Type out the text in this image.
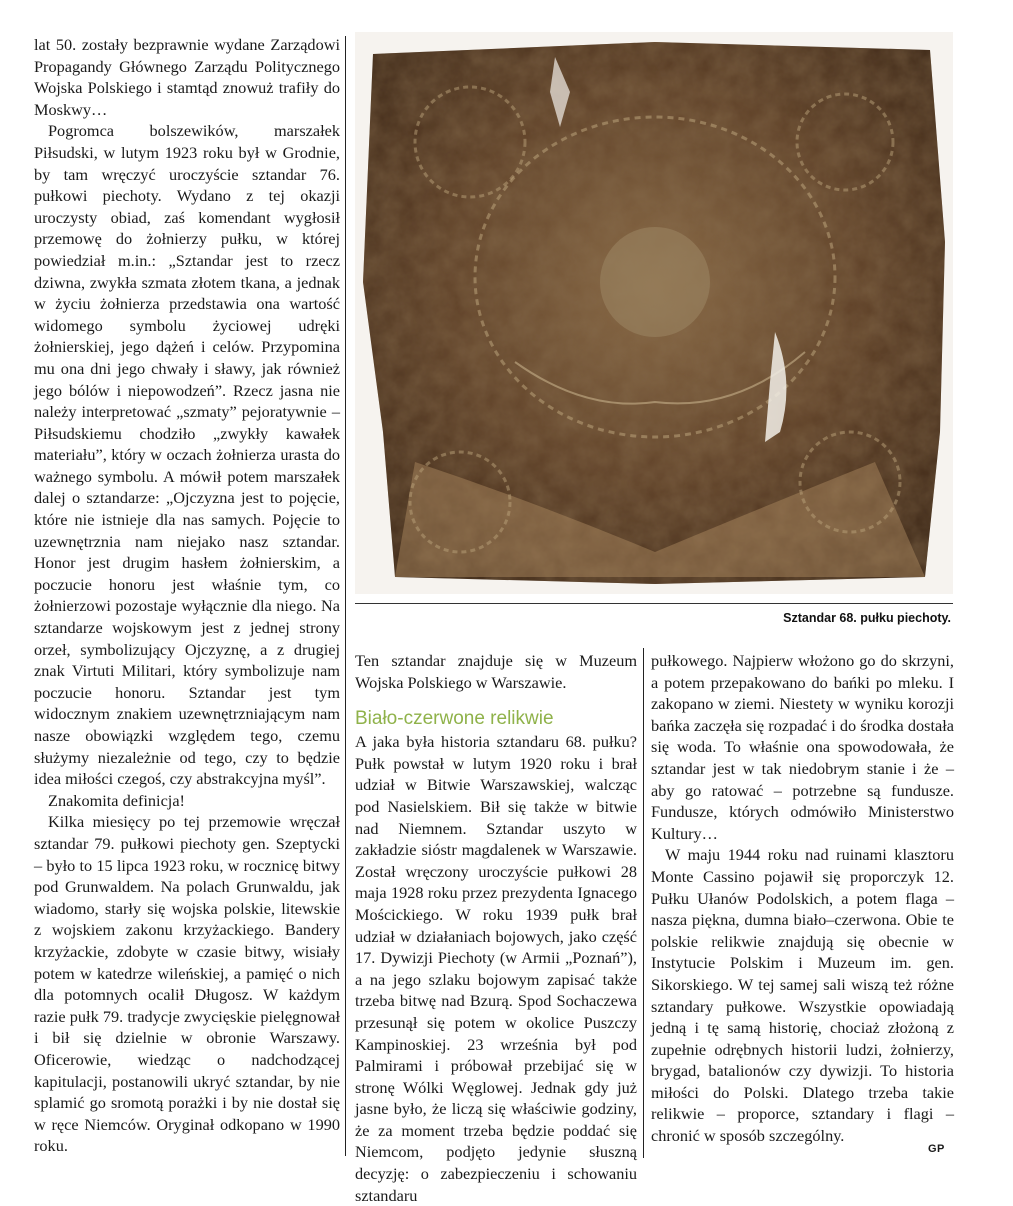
lat 50. zostały bezprawnie wydane Zarządowi Propagandy Głównego Zarządu Politycznego Wojska Polskiego i stamtąd znowuż trafiły do Moskwy…

Pogromca bolszewików, marszałek Piłsudski, w lutym 1923 roku był w Grodnie, by tam wręczyć uroczyście sztandar 76. pułkowi piechoty. Wydano z tej okazji uroczysty obiad, zaś komendant wygłosił przemowę do żołnierzy pułku, w której powiedział m.in.: „Sztandar jest to rzecz dziwna, zwykła szmata złotem tkana, a jednak w życiu żołnierza przedstawia ona wartość widomego symbolu życiowej udręki żołnierskiej, jego dążeń i celów. Przypomina mu ona dni jego chwały i sławy, jak również jego bólów i niepowodzeń”. Rzecz jasna nie należy interpretować „szmaty” pejoratywnie – Piłsudskiemu chodziło „zwykły kawałek materiału”, który w oczach żołnierza urasta do ważnego symbolu. A mówił potem marszałek dalej o sztandarze: „Ojczyzna jest to pojęcie, które nie istnieje dla nas samych. Pojęcie to uzewnętrznia nam niejako nasz sztandar. Honor jest drugim hasłem żołnierskim, a poczucie honoru jest właśnie tym, co żołnierzowi pozostaje wyłącznie dla niego. Na sztandarze wojskowym jest z jednej strony orzeł, symbolizujący Ojczyznę, a z drugiej znak Virtuti Militari, który symbolizuje nam poczucie honoru. Sztandar jest tym widocznym znakiem uzewnętrzniającym nam nasze obowiązki względem tego, czemu służymy niezależnie od tego, czy to będzie idea miłości czegoś, czy abstrakcyjna myśl”.

Znakomita definicja!

Kilka miesięcy po tej przemowie wręczał sztandar 79. pułkowi piechoty gen. Szeptycki – było to 15 lipca 1923 roku, w rocznicę bitwy pod Grunwaldem. Na polach Grunwaldu, jak wiadomo, starły się wojska polskie, litewskie z wojskiem zakonu krzyżackiego. Bandery krzyżackie, zdobyte w czasie bitwy, wisiały potem w katedrze wileńskiej, a pamięć o nich dla potomnych ocalił Długosz. W każdym razie pułk 79. tradycje zwycięskie pielęgnował i bił się dzielnie w obronie Warszawy. Oficerowie, wiedząc o nadchodzącej kapitulacji, postanowili ukryć sztandar, by nie splamić go sromotą porażki i by nie dostał się w ręce Niemców. Oryginał odkopano w 1990 roku.

Sztandar 68. pułku piechoty.

Ten sztandar znajduje się w Muzeum Wojska Polskiego w Warszawie.

Biało-czerwone relikwie

A jaka była historia sztandaru 68. pułku? Pułk powstał w lutym 1920 roku i brał udział w Bitwie Warszawskiej, walcząc pod Nasielskiem. Bił się także w bitwie nad Niemnem. Sztandar uszyto w zakładzie sióstr magdalenek w Warszawie. Został wręczony uroczyście pułkowi 28 maja 1928 roku przez prezydenta Ignacego Mościckiego. W roku 1939 pułk brał udział w działaniach bojowych, jako część 17. Dywizji Piechoty (w Armii „Poznań”), a na jego szlaku bojowym zapisać także trzeba bitwę nad Bzurą. Spod Sochaczewa przesunął się potem w okolice Puszczy Kampinoskiej. 23 września był pod Palmirami i próbował przebijać się w stronę Wólki Węglowej. Jednak gdy już jasne było, że liczą się właściwie godziny, że za moment trzeba będzie poddać się Niemcom, podjęto jedynie słuszną decyzję: o zabezpieczeniu i schowaniu sztandaru

pułkowego. Najpierw włożono go do skrzyni, a potem przepakowano do bańki po mleku. I zakopano w ziemi. Niestety w wyniku korozji bańka zaczęła się rozpadać i do środka dostała się woda. To właśnie ona spowodowała, że sztandar jest w tak niedobrym stanie i że – aby go ratować – potrzebne są fundusze. Fundusze, których odmówiło Ministerstwo Kultury…

W maju 1944 roku nad ruinami klasztoru Monte Cassino pojawił się proporczyk 12. Pułku Ułanów Podolskich, a potem flaga – nasza piękna, dumna biało–czerwona. Obie te polskie relikwie znajdują się obecnie w Instytucie Polskim i Muzeum im. gen. Sikorskiego. W tej samej sali wiszą też różne sztandary pułkowe. Wszystkie opowiadają jedną i tę samą historię, chociaż złożoną z zupełnie odrębnych historii ludzi, żołnierzy, brygad, batalionów czy dywizji. To historia miłości do Polski. Dlatego trzeba takie relikwie – proporce, sztandary i flagi – chronić w sposób szczególny.

GP
